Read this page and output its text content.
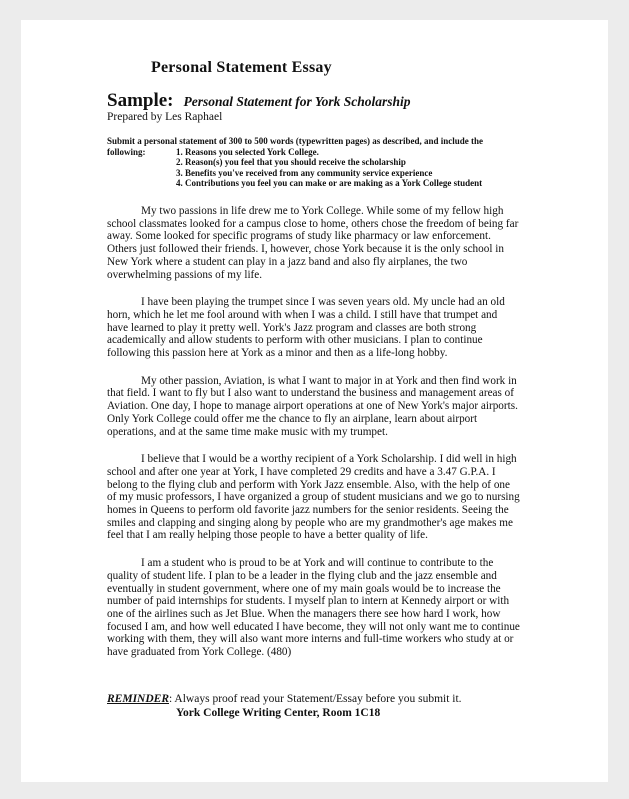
Personal Statement Essay
Sample: Personal Statement for York Scholarship
Prepared by Les Raphael
Submit a personal statement of 300 to 500 words (typewritten pages) as described, and include the
following:	1. Reasons you selected York College.
2. Reason(s) you feel that you should receive the scholarship
3. Benefits you've received from any community service experience
4. Contributions you feel you can make or are making as a York College student

My two passions in life drew me to York College. While some of my fellow high school classmates looked for a campus close to home, others chose the freedom of being far away. Some looked for specific programs of study like pharmacy or law enforcement. Others just followed their friends. I, however, chose York because it is the only school in New York where a student can play in a jazz band and also fly airplanes, the two overwhelming passions of my life.

I have been playing the trumpet since I was seven years old. My uncle had an old horn, which he let me fool around with when I was a child. I still have that trumpet and have learned to play it pretty well. York's Jazz program and classes are both strong academically and allow students to perform with other musicians. I plan to continue following this passion here at York as a minor and then as a life-long hobby.

My other passion, Aviation, is what I want to major in at York and then find work in that field. I want to fly but I also want to understand the business and management areas of Aviation. One day, I hope to manage airport operations at one of New York's major airports. Only York College could offer me the chance to fly an airplane, learn about airport operations, and at the same time make music with my trumpet.

I believe that I would be a worthy recipient of a York Scholarship. I did well in high school and after one year at York, I have completed 29 credits and have a 3.47 G.P.A. I belong to the flying club and perform with York Jazz ensemble. Also, with the help of one of my music professors, I have organized a group of student musicians and we go to nursing homes in Queens to perform old favorite jazz numbers for the senior residents. Seeing the smiles and clapping and singing along by people who are my grandmother's age makes me feel that I am really helping those people to have a better quality of life.

I am a student who is proud to be at York and will continue to contribute to the quality of student life. I plan to be a leader in the flying club and the jazz ensemble and eventually in student government, where one of my main goals would be to increase the number of paid internships for students. I myself plan to intern at Kennedy airport or with one of the airlines such as Jet Blue. When the managers there see how hard I work, how focused I am, and how well educated I have become, they will not only want me to continue working with them, they will also want more interns and full-time workers who study at or have graduated from York College. (480)

REMINDER: Always proof read your Statement/Essay before you submit it.
York College Writing Center, Room 1C18
